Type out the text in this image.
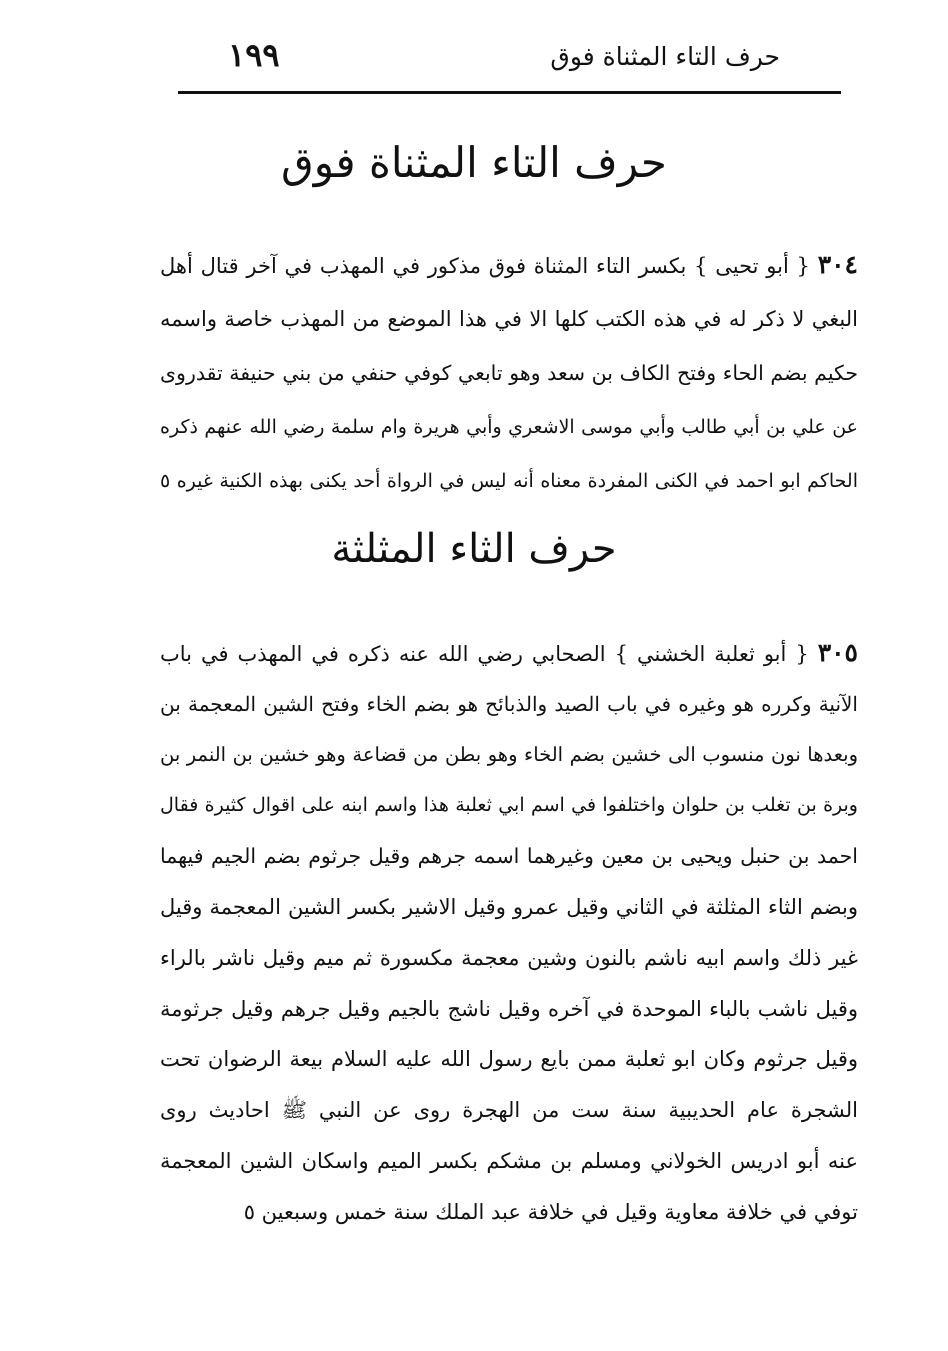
حرف التاء المثناة فوق
١٩٩
حرف التاء المثناة فوق
٣٠٤ { أبو تحيى } بكسر التاء المثناة فوق مذكور في المهذب في آخر قتال أهل
البغي لا ذكر له في هذه الكتب كلها الا في هذا الموضع من المهذب خاصة واسمه
حكيم بضم الحاء وفتح الكاف بن سعد وهو تابعي كوفي حنفي من بني حنيفة تقدروى
عن علي بن أبي طالب وأبي موسى الاشعري وأبي هريرة وام سلمة رضي الله عنهم ذكره
الحاكم ابو احمد في الكنى المفردة معناه أنه ليس في الرواة أحد يكنى بهذه الكنية غيره ٥
حرف الثاء المثلثة
٣٠٥ { أبو ثعلبة الخشني } الصحابي رضي الله عنه ذكره في المهذب في باب
الآنية وكرره هو وغيره في باب الصيد والذبائح هو بضم الخاء وفتح الشين المعجمة بن
وبعدها نون منسوب الى خشين بضم الخاء وهو بطن من قضاعة وهو خشين بن النمر بن
وبرة بن تغلب بن حلوان واختلفوا في اسم ابي ثعلبة هذا واسم ابنه على اقوال كثيرة فقال
احمد بن حنبل ويحيى بن معين وغيرهما اسمه جرهم وقيل جرثوم بضم الجيم فيهما
وبضم الثاء المثلثة في الثاني وقيل عمرو وقيل الاشير بكسر الشين المعجمة وقيل
غير ذلك واسم ابيه ناشم بالنون وشين معجمة مكسورة ثم ميم وقيل ناشر بالراء
وقيل ناشب بالباء الموحدة في آخره وقيل ناشج بالجيم وقيل جرهم وقيل جرثومة
وقيل جرثوم وكان ابو ثعلبة ممن بايع رسول الله عليه السلام بيعة الرضوان تحت
الشجرة عام الحديبية سنة ست من الهجرة روى عن النبي ﷺ احاديث روى
عنه أبو ادريس الخولاني ومسلم بن مشكم بكسر الميم واسكان الشين المعجمة
توفي في خلافة معاوية وقيل في خلافة عبد الملك سنة خمس وسبعين ٥
